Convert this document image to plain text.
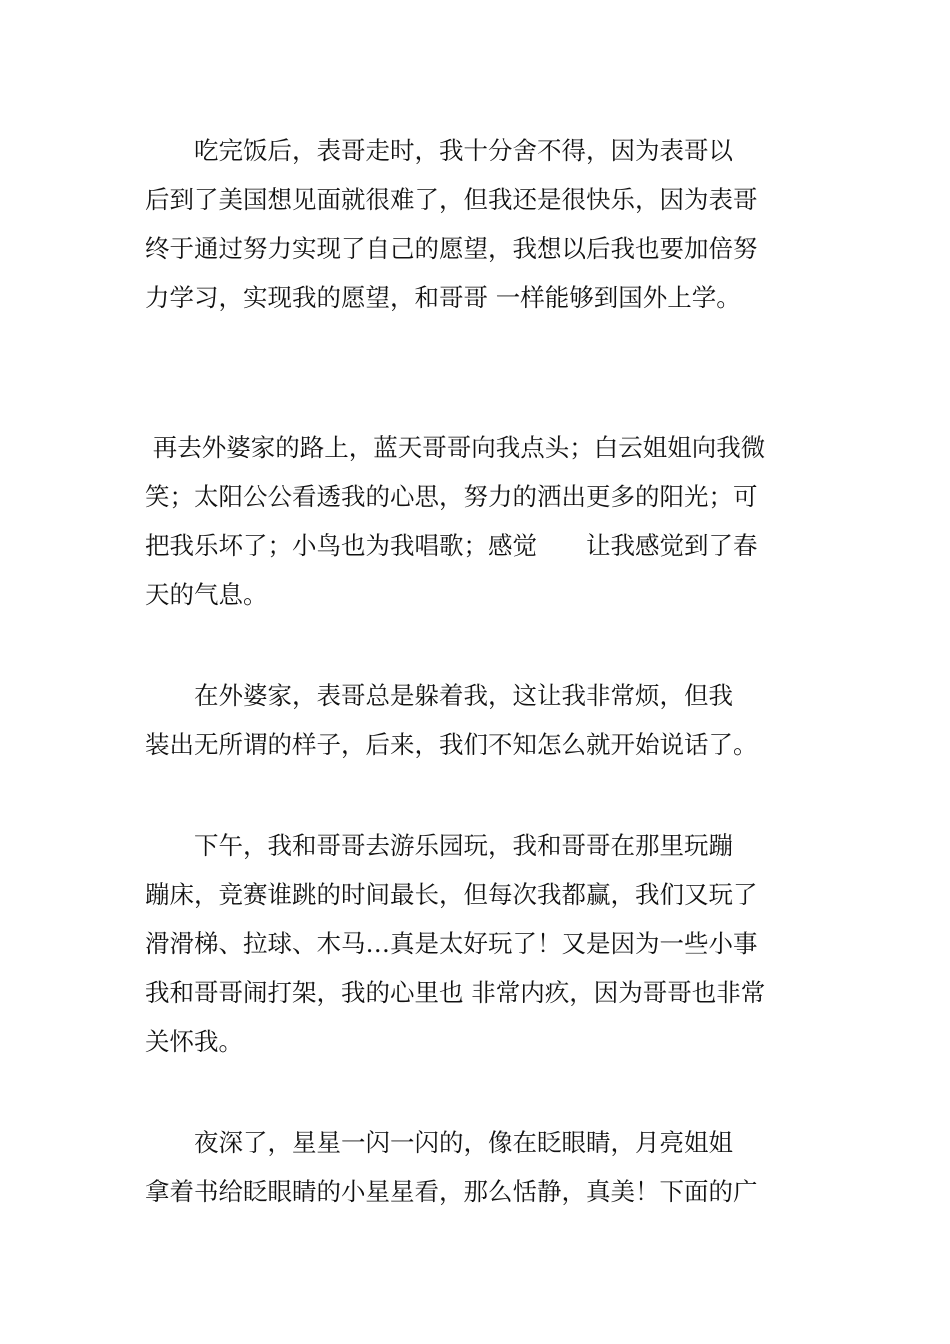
　　吃完饭后，表哥走时，我十分舍不得，因为表哥以

后到了美国想见面就很难了，但我还是很快乐，因为表哥

终于通过努力实现了自己的愿望，我想以后我也要加倍努

力学习，实现我的愿望，和哥哥 一样能够到国外上学。

再去外婆家的路上，蓝天哥哥向我点头；白云姐姐向我微

笑；太阳公公看透我的心思，努力的洒出更多的阳光；可

把我乐坏了；小鸟也为我唱歌；感觉　　让我感觉到了春

天的气息。

　　在外婆家，表哥总是躲着我，这让我非常烦，但我

装出无所谓的样子，后来，我们不知怎么就开始说话了。

　　下午，我和哥哥去游乐园玩，我和哥哥在那里玩蹦

蹦床，竞赛谁跳的时间最长，但每次我都赢，我们又玩了

滑滑梯、拉球、木马…真是太好玩了！又是因为一些小事

我和哥哥闹打架，我的心里也 非常内疚，因为哥哥也非常

关怀我。

　　夜深了，星星一闪一闪的，像在眨眼睛，月亮姐姐

拿着书给眨眼睛的小星星看，那么恬静，真美！下面的广
